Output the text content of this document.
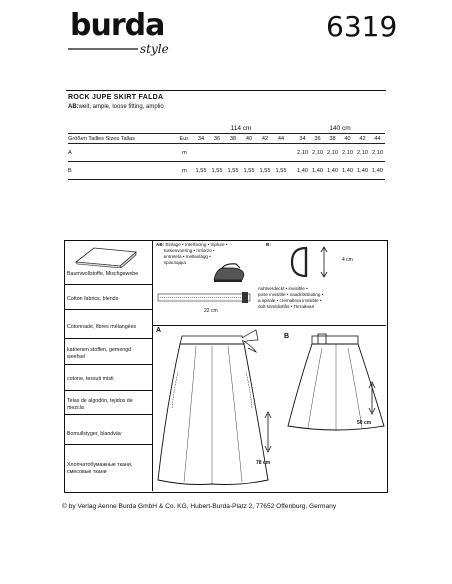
burda
style
6319
ROCK JUPE SKIRT FALDA
AB:weit, ample, loose fitting, amplio
		114 cm							140 cm					
Größen Tailles Sizes Tallas	Eur.	34	36	38	40	42	44		34	36	38	40	42	44
A	m								2,10	2,10	2,10	2,10	2,10	2,10
B	m	1,55	1,55	1,55	1,55	1,55	1,55		1,40	1,40	1,40	1,40	1,40	1,40

Baumwollstoffe, Mischgewebe
Cotton fabrics, blends
Cotonnade, fibres mélangées
katoenen stoffen, gemengd weefsel
cotone, tessuti misti
Telas de algodón, tejidos de mezcla
Bomullstyger, blandväv
Хлопчатобумажные ткани, смесовые ткани
AB: Einlage • Interfacing • triplure •
tussenvoering • rinforzo •
entretela • mellanlägg •
прокладка
22 cm
nahtverdeckt • invisible •
pose invisible • naadritssluiting •
a spirale • cremallera invisible •
dolt sömblixtlås • Потайная
B:
4 cm
A
78 cm
B
50 cm
© by Verlag Aenne Burda GmbH & Co. KG, Hubert-Burda-Platz 2, 77652 Offenburg, Germany
